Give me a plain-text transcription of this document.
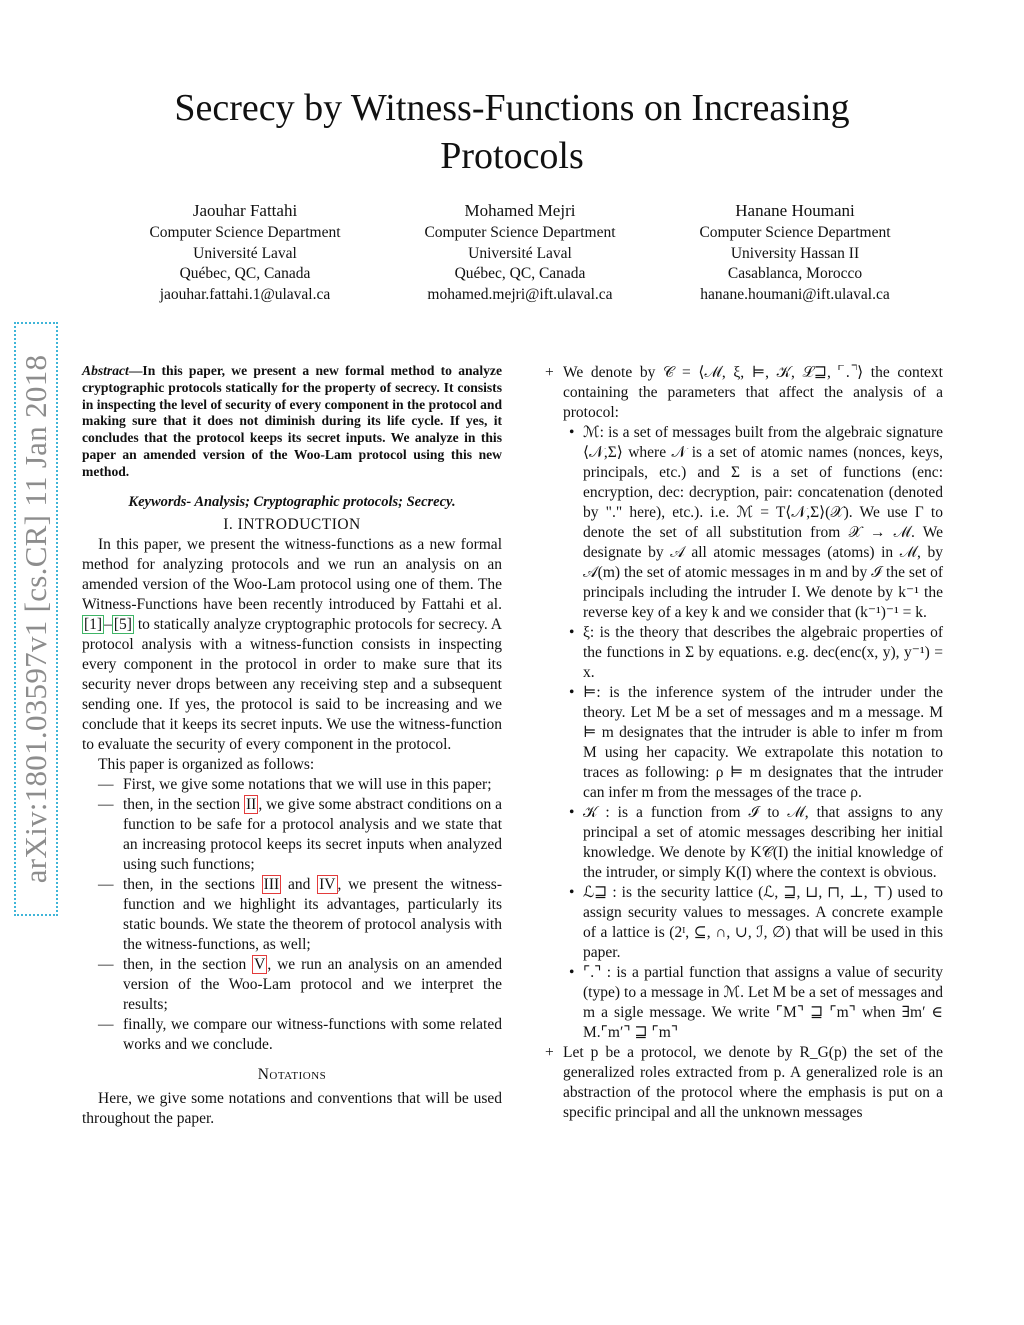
Secrecy by Witness-Functions on Increasing Protocols
Jaouhar Fattahi
Computer Science Department
Université Laval
Québec, QC, Canada
jaouhar.fattahi.1@ulaval.ca
Mohamed Mejri
Computer Science Department
Université Laval
Québec, QC, Canada
mohamed.mejri@ift.ulaval.ca
Hanane Houmani
Computer Science Department
University Hassan II
Casablanca, Morocco
hanane.houmani@ift.ulaval.ca
arXiv:1801.03597v1 [cs.CR] 11 Jan 2018 Abstract—In this paper, we present a new formal method to analyze cryptographic protocols statically for the property of secrecy. It consists in inspecting the level of security of every component in the protocol and making sure that it does not diminish during its life cycle. If yes, it concludes that the protocol keeps its secret inputs. We analyze in this paper an amended version of the Woo-Lam protocol using this new method.

Keywords- Analysis; Cryptographic protocols; Secrecy.
I. INTRODUCTION

In this paper, we present the witness-functions as a new formal method for analyzing protocols and we run an analysis on an amended version of the Woo-Lam protocol using one of them. The Witness-Functions have been recently introduced by Fattahi et al. [1] – [5] to statically analyze cryptographic protocols for secrecy. A protocol analysis with a witness-function consists in inspecting every component in the protocol in order to make sure that its security never drops between any receiving step and a subsequent sending one. If yes, the protocol is said to be increasing and we conclude that it keeps its secret inputs. We use the witness-function to evaluate the security of every component in the protocol.

This paper is organized as follows:

— First, we give some notations that we will use in this paper;
— then, in the section II , we give some abstract conditions on a function to be safe for a protocol analysis and we state that an increasing protocol keeps its secret inputs when analyzed using such functions;
— then, in the sections III and IV , we present the witness-function and we highlight its advantages, particularly its static bounds. We state the theorem of protocol analysis with the witness-functions, as well;
— then, in the section V , we run an analysis on an amended version of the Woo-Lam protocol and we interpret the results;
— finally, we compare our witness-functions with some related works and we conclude.
Notations

Here, we give some notations and conventions that will be used throughout the paper.

+ We denote by 𝒞 = ⟨ℳ, ξ, ⊨, 𝒦, ℒ⊒, ⌜.⌝⟩ the context containing the parameters that affect the analysis of a protocol:
• ℳ: is a set of messages built from the algebraic signature ⟨𝒩,Σ⟩ where 𝒩 is a set of atomic names (nonces, keys, principals, etc.) and Σ is a set of functions (enc: encryption, dec: decryption, pair: concatenation (denoted by "." here), etc.). i.e. ℳ = T⟨𝒩,Σ⟩(𝒳). We use Γ to denote the set of all substitution from 𝒳 → ℳ. We designate by 𝒜 all atomic messages (atoms) in ℳ, by 𝒜(m) the set of atomic messages in m and by ℐ the set of principals including the intruder I. We denote by k⁻¹ the reverse key of a key k and we consider that (k⁻¹)⁻¹ = k.
• ξ: is the theory that describes the algebraic properties of the functions in Σ by equations. e.g. dec(enc(x, y), y⁻¹) = x.
• ⊨: is the inference system of the intruder under the theory. Let M be a set of messages and m a message. M ⊨ m designates that the intruder is able to infer m from M using her capacity. We extrapolate this notation to traces as following: ρ ⊨ m designates that the intruder can infer m from the messages of the trace ρ.
• 𝒦 : is a function from ℐ to ℳ, that assigns to any principal a set of atomic messages describing her initial knowledge. We denote by K𝒞(I) the initial knowledge of the intruder, or simply K(I) where the context is obvious.
• ℒ⊒ : is the security lattice (ℒ, ⊒, ⊔, ⊓, ⊥, ⊤) used to assign security values to messages. A concrete example of a lattice is (2ᴵ, ⊆, ∩, ∪, ℐ, ∅) that will be used in this paper.
• ⌜.⌝ : is a partial function that assigns a value of security (type) to a message in ℳ. Let M be a set of messages and m a sigle message. We write ⌜M⌝ ⊒ ⌜m⌝ when ∃m′ ∈ M.⌜m′⌝ ⊒ ⌜m⌝
+ Let p be a protocol, we denote by R_G(p) the set of the generalized roles extracted from p. A generalized role is an abstraction of the protocol where the emphasis is put on a specific principal and all the unknown messages
